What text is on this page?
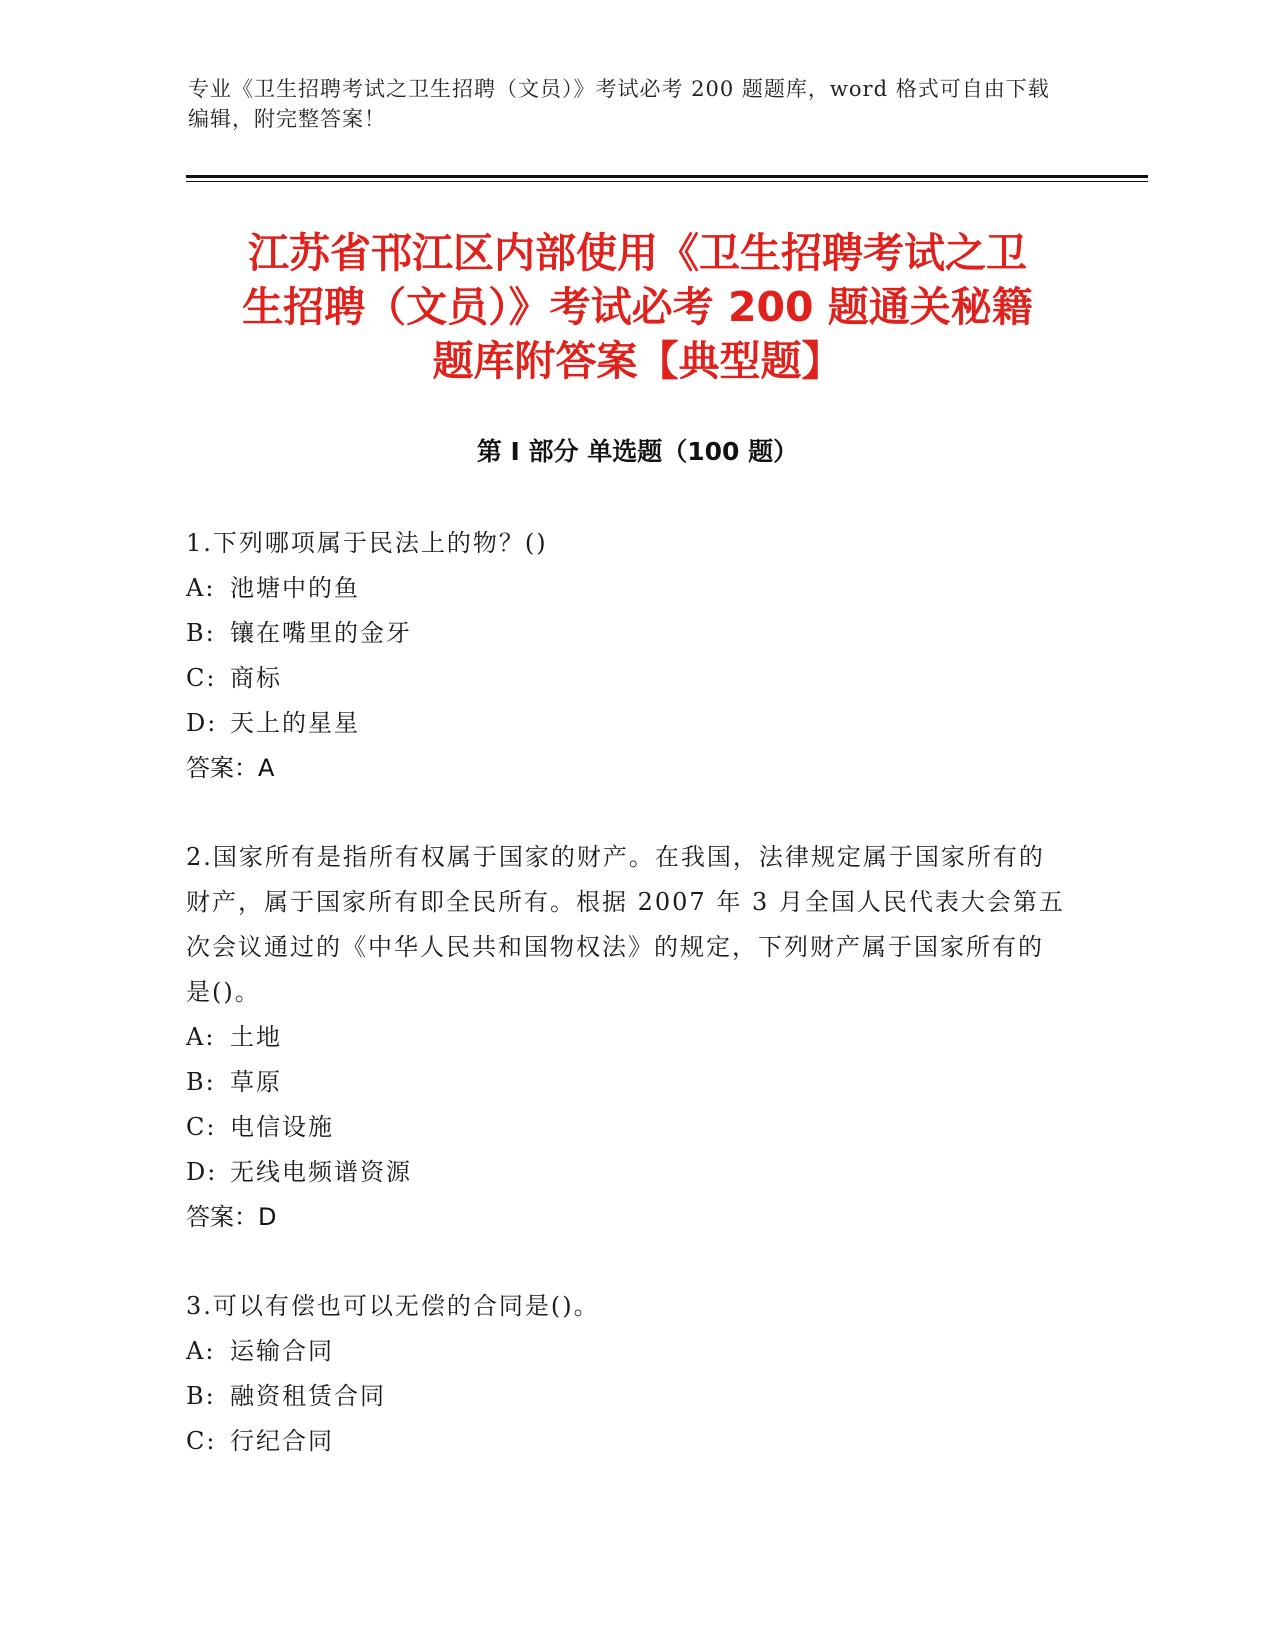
专业《卫生招聘考试之卫生招聘（文员）》考试必考 200 题题库，word 格式可自由下载编辑，附完整答案！
江苏省邗江区内部使用《卫生招聘考试之卫
生招聘（文员）》考试必考 200 题通关秘籍
题库附答案【典型题】
第 I 部分 单选题（100 题）
1.下列哪项属于民法上的物？()
A: 池塘中的鱼
B: 镶在嘴里的金牙
C: 商标
D: 天上的星星
答案：A
2.国家所有是指所有权属于国家的财产。在我国，法律规定属于国家所有的财产，属于国家所有即全民所有。根据 2007 年 3 月全国人民代表大会第五次会议通过的《中华人民共和国物权法》的规定，下列财产属于国家所有的是()。
A: 土地
B: 草原
C: 电信设施
D: 无线电频谱资源
答案：D
3.可以有偿也可以无偿的合同是()。
A: 运输合同
B: 融资租赁合同
C: 行纪合同
